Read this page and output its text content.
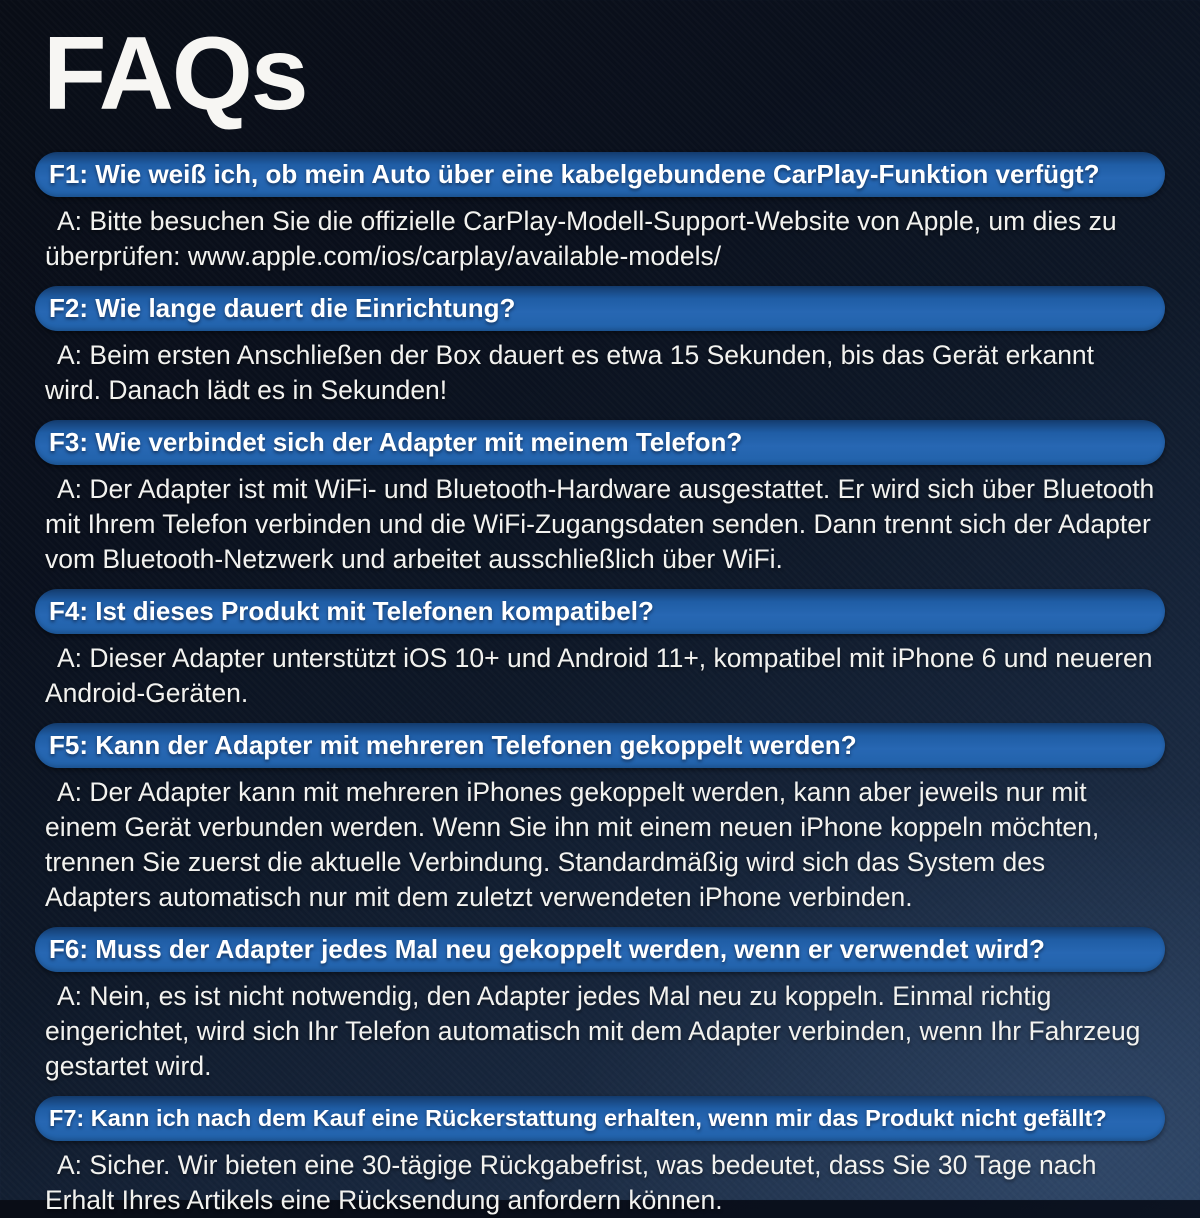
FAQs
F1: Wie weiß ich, ob mein Auto über eine kabelgebundene CarPlay-Funktion verfügt?

A: Bitte besuchen Sie die offizielle CarPlay-Modell-Support-Website von Apple, um dies zu überprüfen: www.apple.com/ios/carplay/available-models/

F2: Wie lange dauert die Einrichtung?

A: Beim ersten Anschließen der Box dauert es etwa 15 Sekunden, bis das Gerät erkannt wird. Danach lädt es in Sekunden!

F3: Wie verbindet sich der Adapter mit meinem Telefon?

A: Der Adapter ist mit WiFi- und Bluetooth-Hardware ausgestattet. Er wird sich über Bluetooth mit Ihrem Telefon verbinden und die WiFi-Zugangsdaten senden. Dann trennt sich der Adapter vom Bluetooth-Netzwerk und arbeitet ausschließlich über WiFi.

F4: Ist dieses Produkt mit Telefonen kompatibel?

A: Dieser Adapter unterstützt iOS 10+ und Android 11+, kompatibel mit iPhone 6 und neueren Android-Geräten.

F5: Kann der Adapter mit mehreren Telefonen gekoppelt werden?

A: Der Adapter kann mit mehreren iPhones gekoppelt werden, kann aber jeweils nur mit einem Gerät verbunden werden. Wenn Sie ihn mit einem neuen iPhone koppeln möchten, trennen Sie zuerst die aktuelle Verbindung. Standardmäßig wird sich das System des Adapters automatisch nur mit dem zuletzt verwendeten iPhone verbinden.

F6: Muss der Adapter jedes Mal neu gekoppelt werden, wenn er verwendet wird?

A: Nein, es ist nicht notwendig, den Adapter jedes Mal neu zu koppeln. Einmal richtig eingerichtet, wird sich Ihr Telefon automatisch mit dem Adapter verbinden, wenn Ihr Fahrzeug gestartet wird.

F7: Kann ich nach dem Kauf eine Rückerstattung erhalten, wenn mir das Produkt nicht gefällt?

A: Sicher. Wir bieten eine 30-tägige Rückgabefrist, was bedeutet, dass Sie 30 Tage nach Erhalt Ihres Artikels eine Rücksendung anfordern können.
